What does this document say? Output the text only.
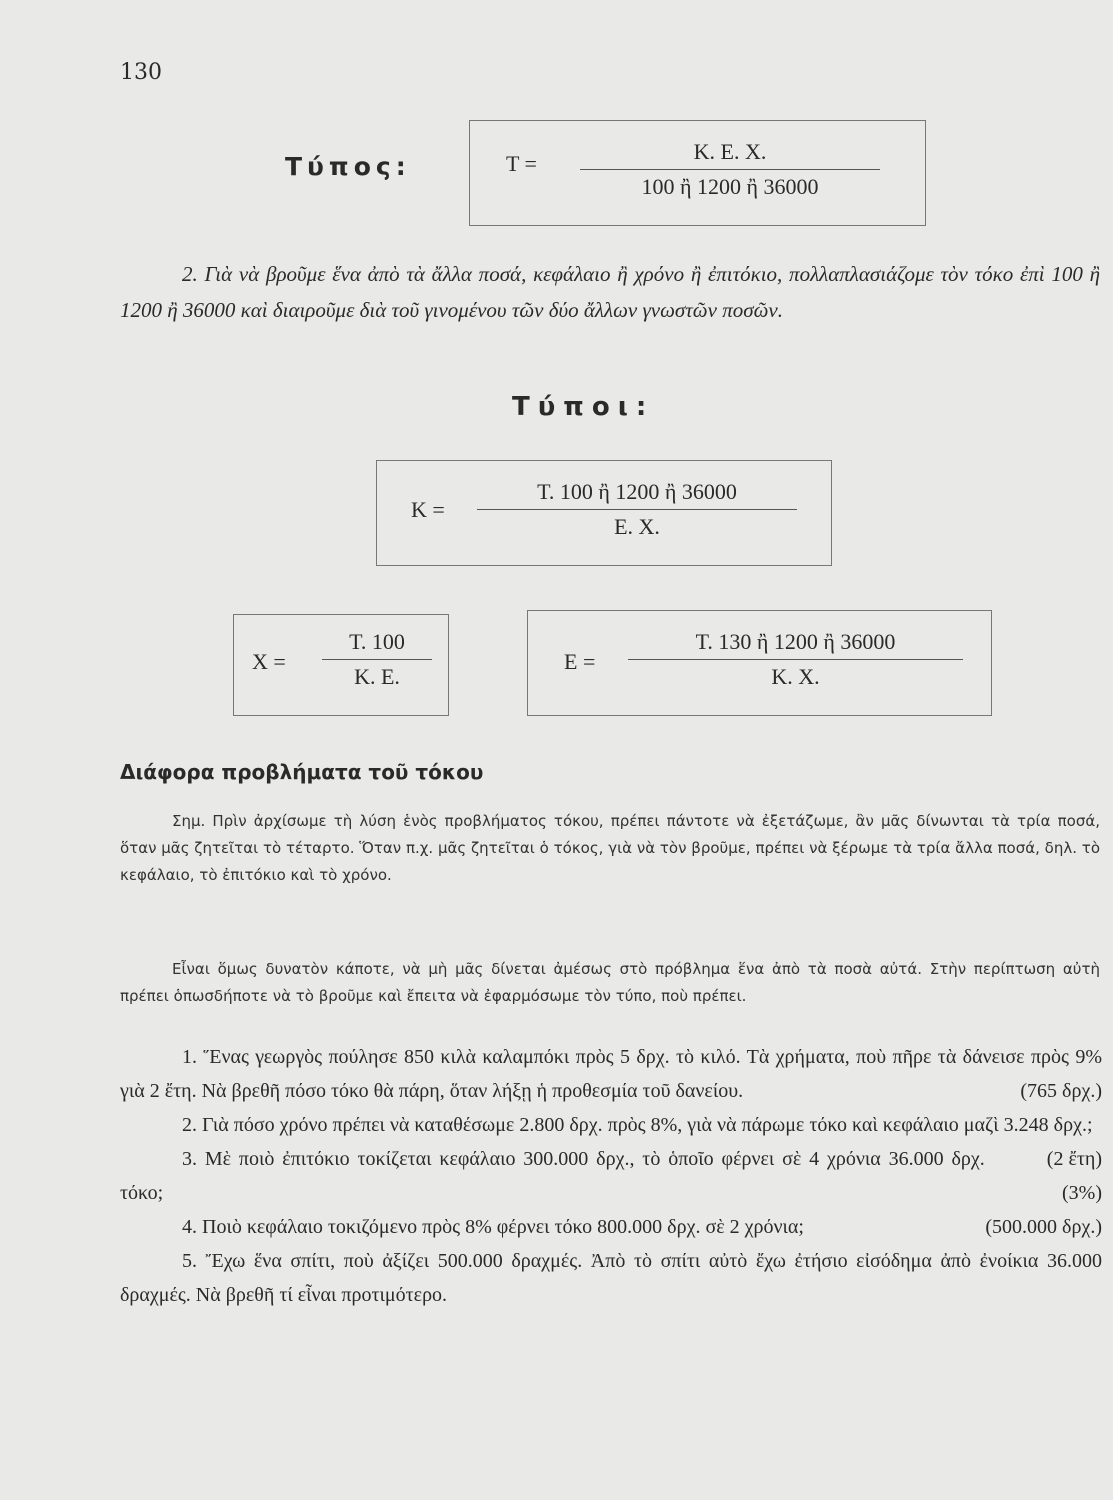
130
Τύπος:	Τ =	Κ. Ε. Χ.
100 ἢ 1200 ἢ 36000

2. Γιὰ νὰ βροῦμε ἕνα ἀπὸ τὰ ἄλλα ποσά, κεφάλαιο ἢ χρόνο ἢ ἐπιτόκιο, πολλαπλασιάζομε τὸν τόκο ἐπὶ 100 ἢ 1200 ἢ 36000 καὶ διαιροῦμε διὰ τοῦ γινομένου τῶν δύο ἄλλων γνωστῶν ποσῶν.

Τύποι:
Κ =
Τ. 100 ἢ 1200 ἢ 36000
Ε. Χ.
Χ =
Τ. 100
Κ. Ε.
Ε =
Τ. 130 ἢ 1200 ἢ 36000
Κ. Χ.
Διάφορα προβλήματα τοῦ τόκου

Σημ. Πρὶν ἀρχίσωμε τὴ λύση ἑνὸς προβλήματος τόκου, πρέπει πάντοτε νὰ ἐξετάζωμε, ἂν μᾶς δίνωνται τὰ τρία ποσά, ὅταν μᾶς ζητεῖται τὸ τέταρτο. Ὅταν π.χ. μᾶς ζητεῖται ὁ τόκος, γιὰ νὰ τὸν βροῦμε, πρέπει νὰ ξέρωμε τὰ τρία ἄλλα ποσά, δηλ. τὸ κεφάλαιο, τὸ ἐπιτόκιο καὶ τὸ χρόνο.

Εἶναι ὅμως δυνατὸν κάποτε, νὰ μὴ μᾶς δίνεται ἀμέσως στὸ πρόβλημα ἕνα ἀπὸ τὰ ποσὰ αὐτά. Στὴν περίπτωση αὐτὴ πρέπει ὁπωσδήποτε νὰ τὸ βροῦμε καὶ ἔπειτα νὰ ἐφαρμόσωμε τὸν τύπο, ποὺ πρέπει.

1. Ἕνας γεωργὸς πούλησε 850 κιλὰ καλαμπόκι πρὸς 5 δρχ. τὸ κιλό. Τὰ χρήματα, ποὺ πῆρε τὰ δάνεισε πρὸς 9% γιὰ 2 ἔτη. Νὰ βρεθῆ πόσο τόκο θὰ πάρη, ὅταν λήξῃ ἡ προθεσμία τοῦ δανείου.	(765 δρχ.)

2. Γιὰ πόσο χρόνο πρέπει νὰ καταθέσωμε 2.800 δρχ. πρὸς 8%, γιὰ νὰ πάρωμε τόκο καὶ κεφάλαιο μαζὶ 3.248 δρχ.;
(2 ἔτη)

3. Μὲ ποιὸ ἐπιτόκιο τοκίζεται κεφάλαιο 300.000 δρχ., τὸ ὁποῖο φέρνει σὲ 4 χρόνια 36.000 δρχ. τόκο;	(3%)

4. Ποιὸ κεφάλαιο τοκιζόμενο πρὸς 8% φέρνει τόκο 800.000 δρχ. σὲ 2 χρόνια;	(500.000 δρχ.)

5. Ἔχω ἕνα σπίτι, ποὺ ἀξίζει 500.000 δραχμές. Ἀπὸ τὸ σπίτι αὐτὸ ἔχω ἐτήσιο εἰσόδημα ἀπὸ ἐνοίκια 36.000 δραχμές. Νὰ βρεθῆ τί εἶναι προτιμότερο.
